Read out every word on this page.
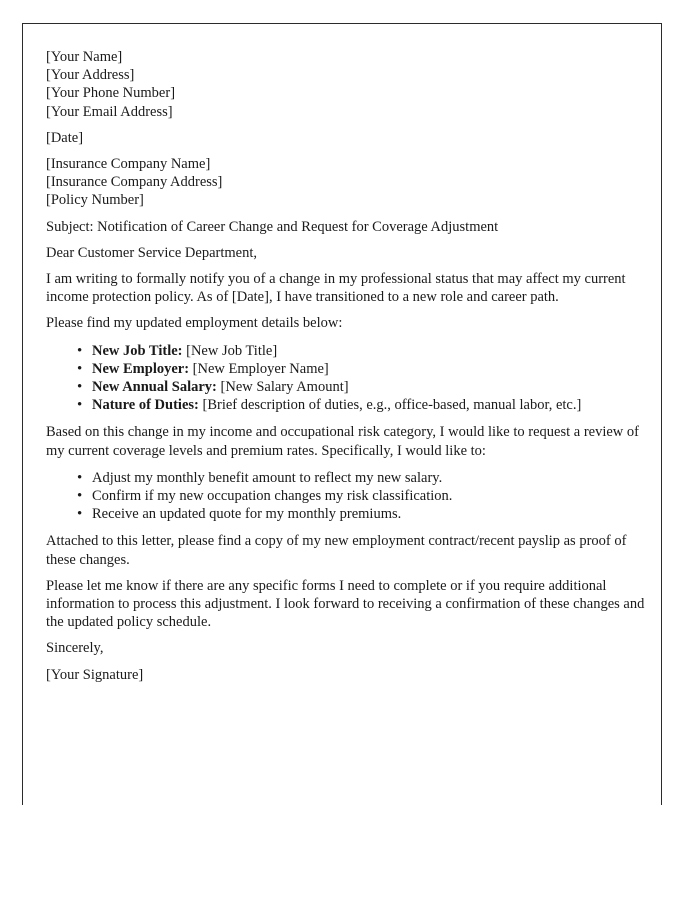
[Your Name]

[Your Address]

[Your Phone Number]

[Your Email Address]

[Date]

[Insurance Company Name]

[Insurance Company Address]

[Policy Number]

Subject: Notification of Career Change and Request for Coverage Adjustment

Dear Customer Service Department,

I am writing to formally notify you of a change in my professional status that may affect my current income protection policy. As of [Date], I have transitioned to a new role and career path.

Please find my updated employment details below:

• New Job Title: [New Job Title]
• New Employer: [New Employer Name]
• New Annual Salary: [New Salary Amount]
• Nature of Duties: [Brief description of duties, e.g., office-based, manual labor, etc.]

Based on this change in my income and occupational risk category, I would like to request a review of my current coverage levels and premium rates. Specifically, I would like to:

• Adjust my monthly benefit amount to reflect my new salary.
• Confirm if my new occupation changes my risk classification.
• Receive an updated quote for my monthly premiums.

Attached to this letter, please find a copy of my new employment contract/recent payslip as proof of these changes.

Please let me know if there are any specific forms I need to complete or if you require additional information to process this adjustment. I look forward to receiving a confirmation of these changes and the updated policy schedule.

Sincerely,

[Your Signature]
